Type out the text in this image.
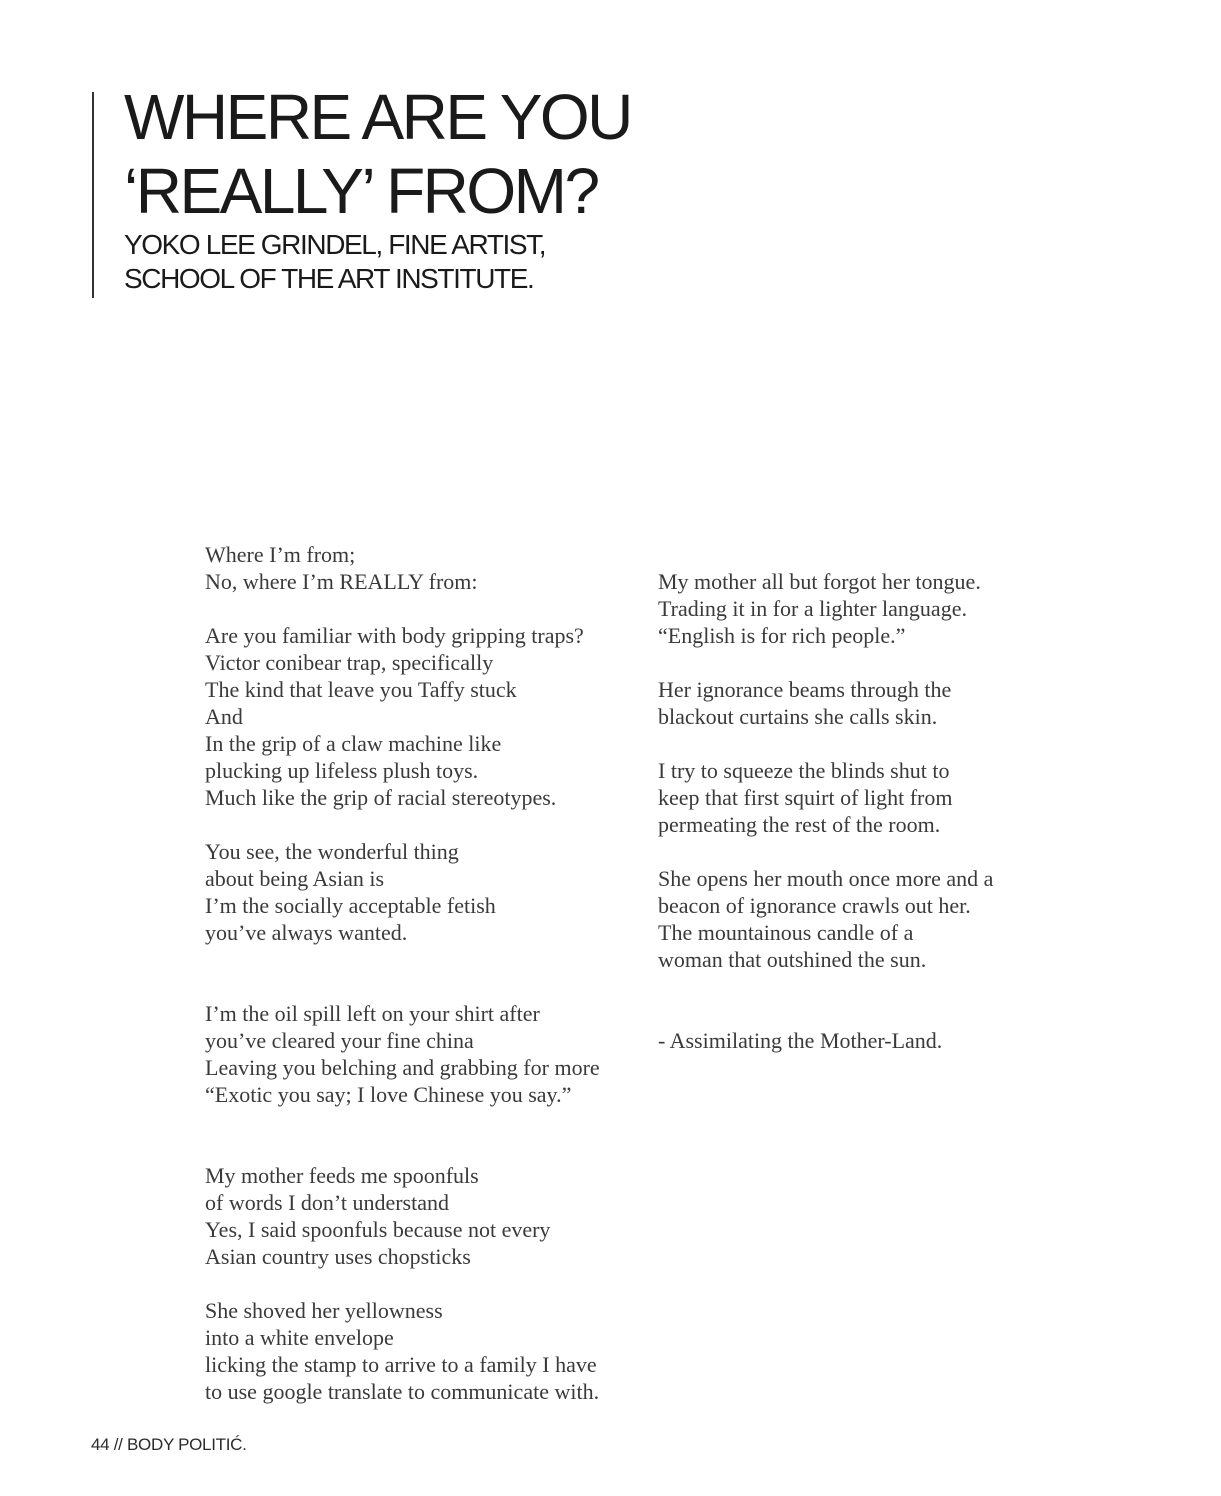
WHERE ARE YOU
‘REALLY’ FROM?
YOKO LEE GRINDEL, FINE ARTIST,
SCHOOL OF THE ART INSTITUTE.
Where I’m from;
No, where I’m REALLY from:
Are you familiar with body gripping traps?
Victor conibear trap, specifically
The kind that leave you Taffy stuck
And
In the grip of a claw machine like
plucking up lifeless plush toys.
Much like the grip of racial stereotypes.
You see, the wonderful thing
about being Asian is
I’m the socially acceptable fetish
you’ve always wanted.
I’m the oil spill left on your shirt after
you’ve cleared your fine china
Leaving you belching and grabbing for more
“Exotic you say; I love Chinese you say.”
My mother feeds me spoonfuls
of words I don’t understand
Yes, I said spoonfuls because not every
Asian country uses chopsticks
She shoved her yellowness
into a white envelope
licking the stamp to arrive to a family I have
to use google translate to communicate with.
My mother all but forgot her tongue.
Trading it in for a lighter language.
“English is for rich people.”
Her ignorance beams through the
blackout curtains she calls skin.
I try to squeeze the blinds shut to
keep that first squirt of light from
permeating the rest of the room.
She opens her mouth once more and a
beacon of ignorance crawls out her.
The mountainous candle of a
woman that outshined the sun.
- Assimilating the Mother-Land.
44 // BODY POLITIĆ.
